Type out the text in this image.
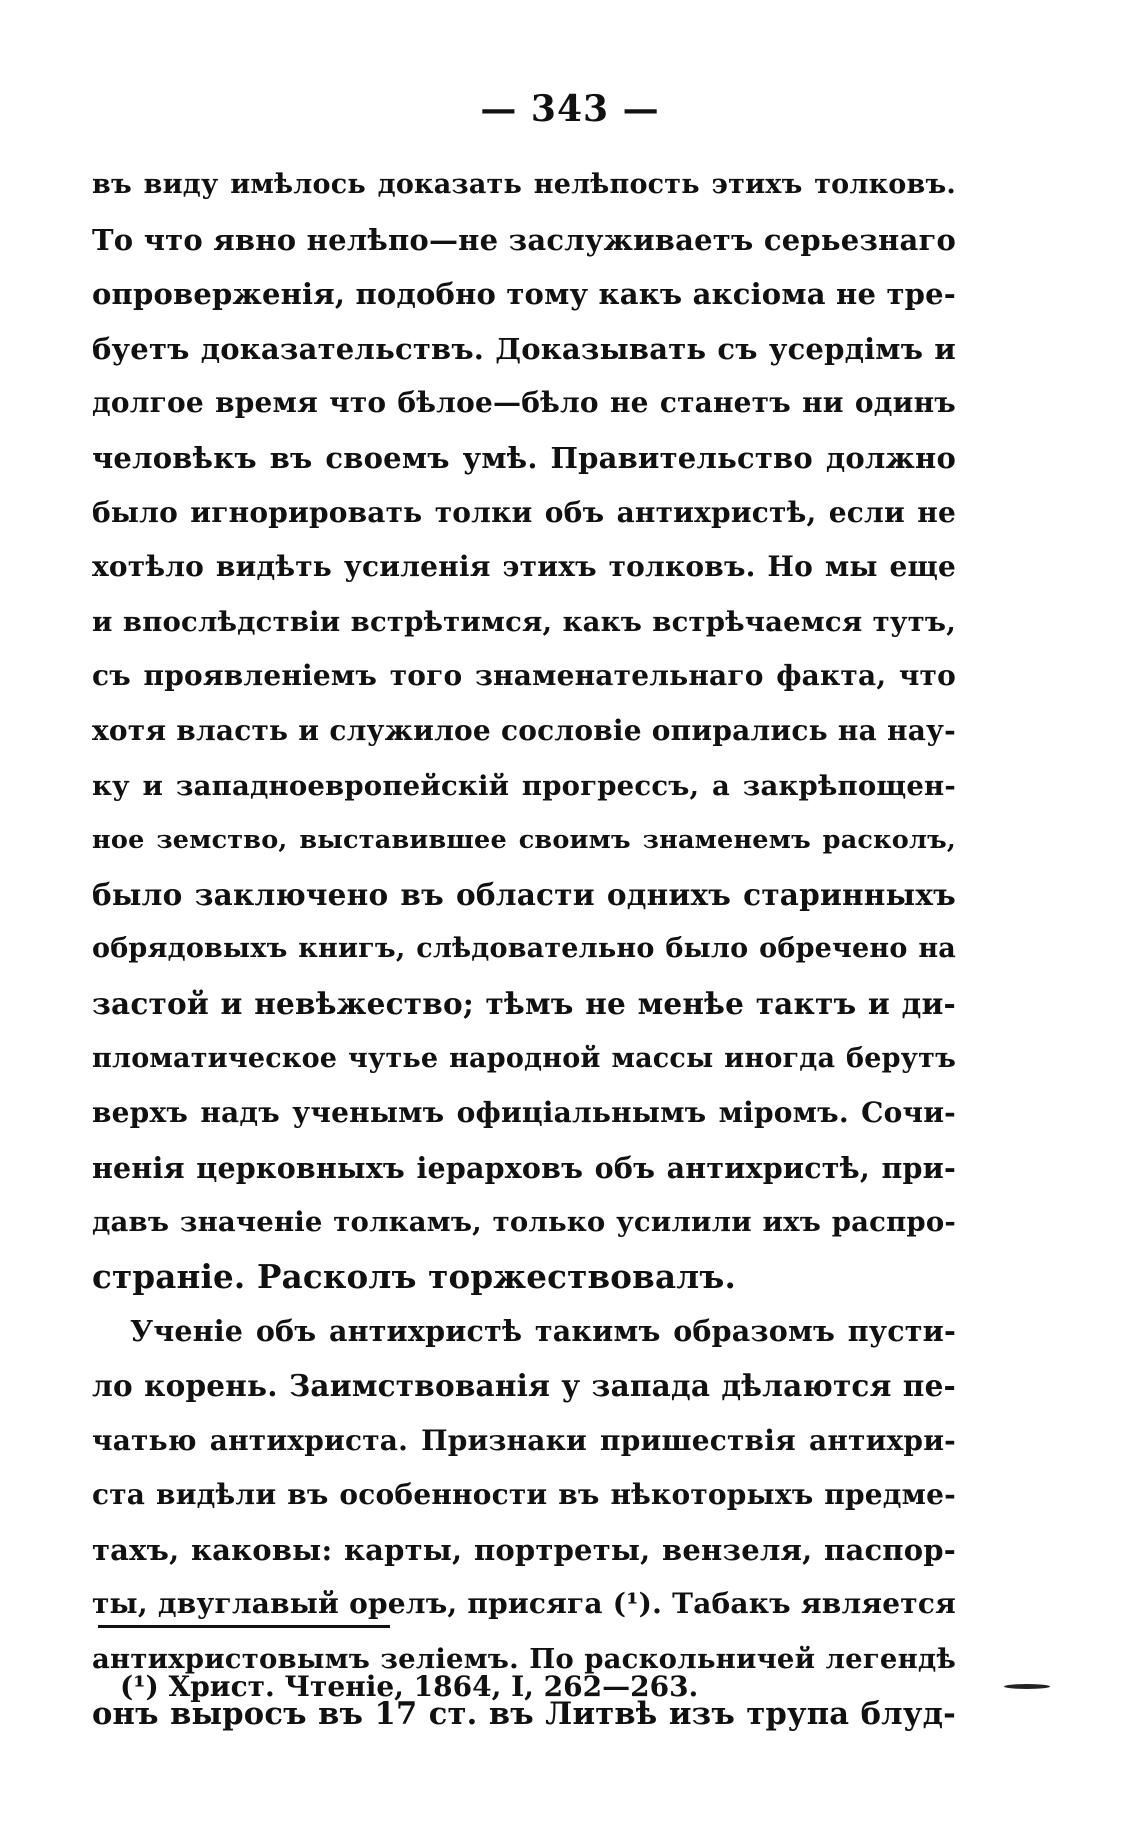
— 343 —
въ виду имѣлось доказать нелѣпость этихъ толковъ.
То что явно нелѣпо—не заслуживаетъ серьезнаго
опроверженія, подобно тому какъ аксіома не тре-
буетъ доказательствъ. Доказывать съ усердімъ и
долгое время что бѣлое—бѣло не станетъ ни одинъ
человѣкъ въ своемъ умѣ. Правительство должно
было игнорировать толки объ антихристѣ, если не
хотѣло видѣть усиленія этихъ толковъ. Но мы еще
и впослѣдствіи встрѣтимся, какъ встрѣчаемся тутъ,
съ проявленіемъ того знаменательнаго факта, что
хотя власть и служилое сословіе опирались на нау-
ку и западноевропейскій прогрессъ, а закрѣпощен-
ное земство, выставившее своимъ знаменемъ расколъ,
было заключено въ области однихъ старинныхъ
обрядовыхъ книгъ, слѣдовательно было обречено на
застой и невѣжество; тѣмъ не менѣе тактъ и ди-
пломатическое чутье народной массы иногда берутъ
верхъ надъ ученымъ офиціальнымъ міромъ. Сочи-
ненія церковныхъ іерарховъ объ антихристѣ, при-
давъ значеніе толкамъ, только усилили ихъ распро-
страніе. Расколъ торжествовалъ.
Ученіе объ антихристѣ такимъ образомъ пусти-
ло корень. Заимствованія у запада дѣлаются пе-
чатью антихриста. Признаки пришествія антихри-
ста видѣли въ особенности въ нѣкоторыхъ предме-
тахъ, каковы: карты, портреты, вензеля, паспор-
ты, двуглавый орелъ, присяга (¹). Табакъ является
антихристовымъ зеліемъ. По раскольничей легендѣ
онъ выросъ въ 17 ст. въ Литвѣ изъ трупа блуд-
(¹) Христ. Чтеніе, 1864, I, 262—263.
